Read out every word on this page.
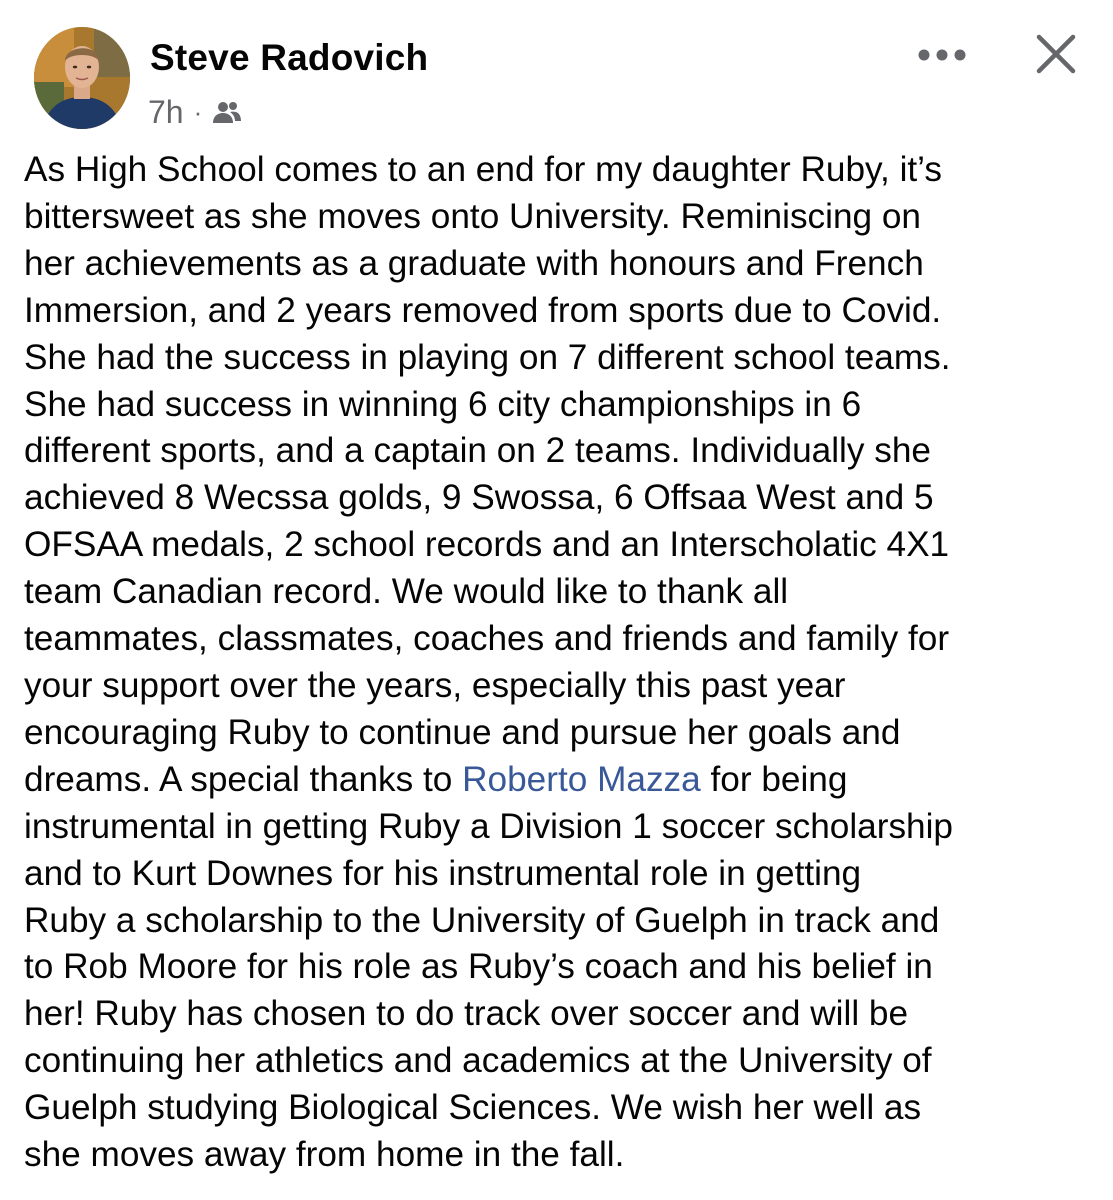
Steve Radovich
7h ·
As High School comes to an end for my daughter Ruby, it’s
bittersweet as she moves onto University. Reminiscing on
her achievements as a graduate with honours and French
Immersion, and 2 years removed from sports due to Covid.
She had the success in playing on 7 different school teams.
She had success in winning 6 city championships in 6
different sports, and a captain on 2 teams. Individually she
achieved 8 Wecssa golds, 9 Swossa, 6 Offsaa West and 5
OFSAA medals, 2 school records and an Interscholatic 4X1
team Canadian record. We would like to thank all
teammates, classmates, coaches and friends and family for
your support over the years, especially this past year
encouraging Ruby to continue and pursue her goals and
dreams. A special thanks to Roberto Mazza for being
instrumental in getting Ruby a Division 1 soccer scholarship
and to Kurt Downes for his instrumental role in getting
Ruby a scholarship to the University of Guelph in track and
to Rob Moore for his role as Ruby’s coach and his belief in
her! Ruby has chosen to do track over soccer and will be
continuing her athletics and academics at the University of
Guelph studying Biological Sciences. We wish her well as
she moves away from home in the fall.
